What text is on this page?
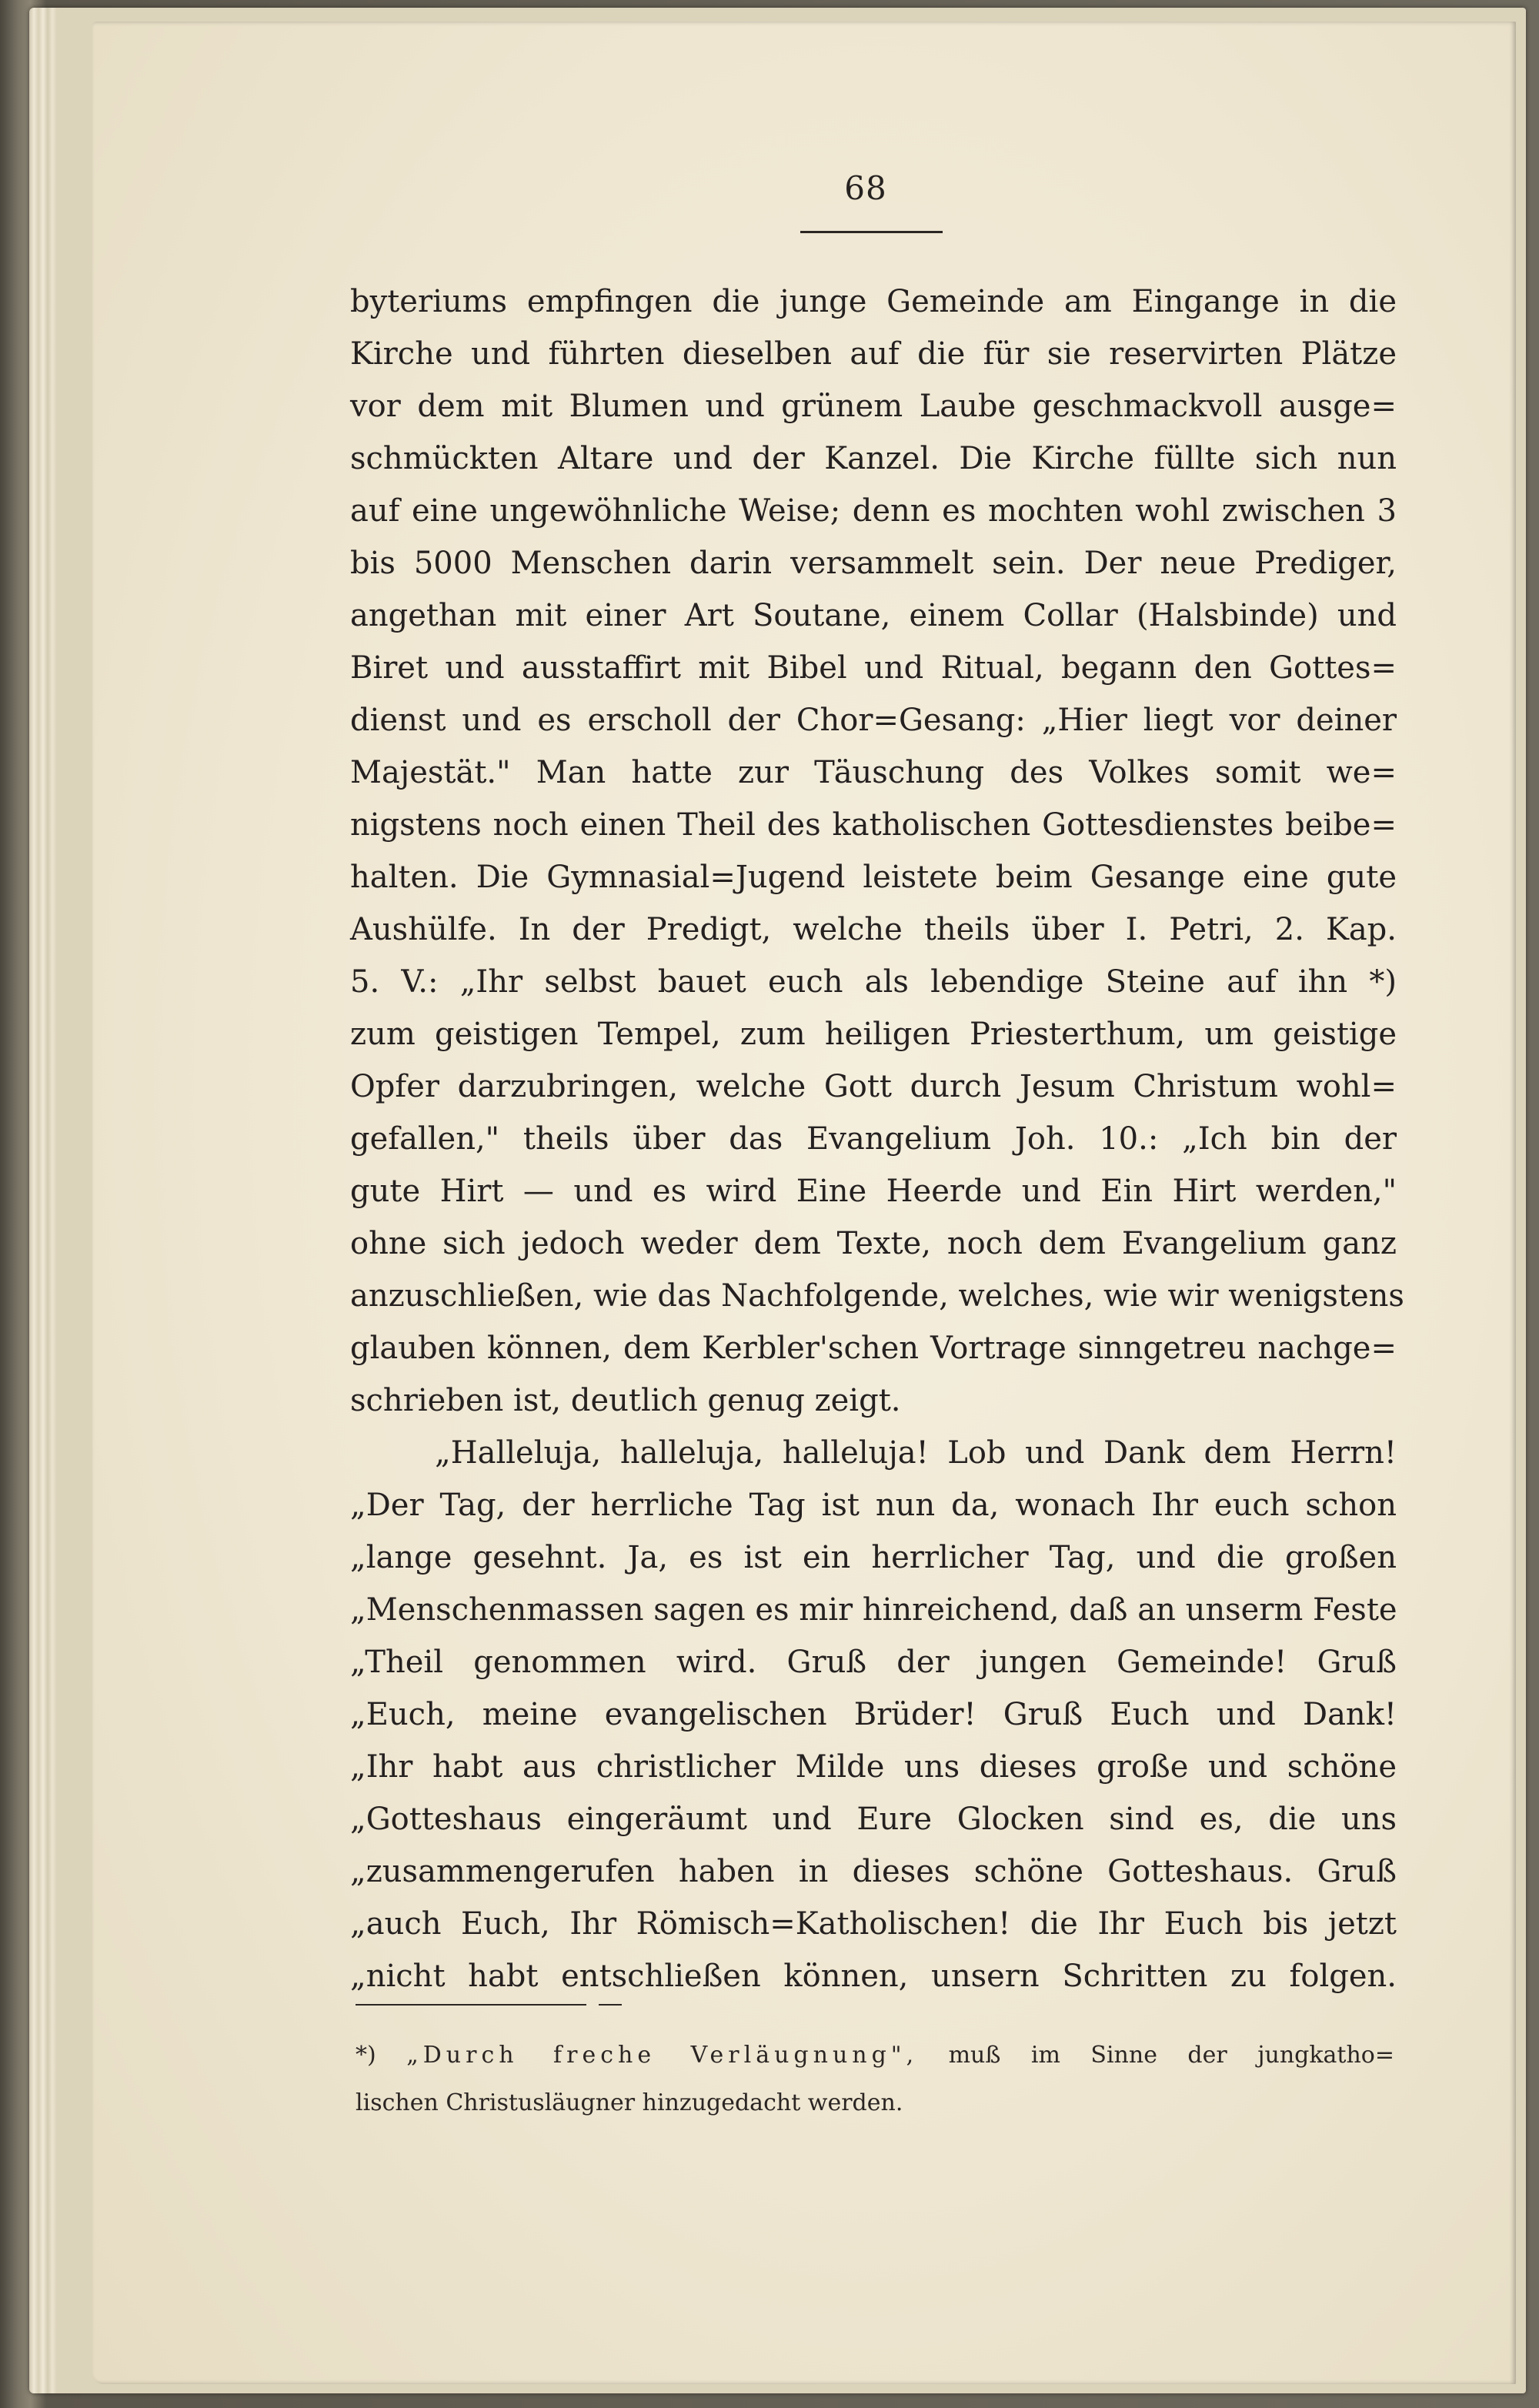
68
byteriums empfingen die junge Gemeinde am Eingange in die
Kirche und führten dieselben auf die für sie reservirten Plätze
vor dem mit Blumen und grünem Laube geschmackvoll ausge=
schmückten Altare und der Kanzel. Die Kirche füllte sich nun
auf eine ungewöhnliche Weise; denn es mochten wohl zwischen 3
bis 5000 Menschen darin versammelt sein. Der neue Prediger,
angethan mit einer Art Soutane, einem Collar (Halsbinde) und
Biret und ausstaffirt mit Bibel und Ritual, begann den Gottes=
dienst und es erscholl der Chor=Gesang: „Hier liegt vor deiner
Majestät." Man hatte zur Täuschung des Volkes somit we=
nigstens noch einen Theil des katholischen Gottesdienstes beibe=
halten. Die Gymnasial=Jugend leistete beim Gesange eine gute
Aushülfe. In der Predigt, welche theils über I. Petri, 2. Kap.
5. V.: „Ihr selbst bauet euch als lebendige Steine auf ihn *)
zum geistigen Tempel, zum heiligen Priesterthum, um geistige
Opfer darzubringen, welche Gott durch Jesum Christum wohl=
gefallen," theils über das Evangelium Joh. 10.: „Ich bin der
gute Hirt — und es wird Eine Heerde und Ein Hirt werden,"
ohne sich jedoch weder dem Texte, noch dem Evangelium ganz
anzuschließen, wie das Nachfolgende, welches, wie wir wenigstens
glauben können, dem Kerbler'schen Vortrage sinngetreu nachge=
schrieben ist, deutlich genug zeigt.
„Halleluja, halleluja, halleluja! Lob und Dank dem Herrn!
„Der Tag, der herrliche Tag ist nun da, wonach Ihr euch schon
„lange gesehnt. Ja, es ist ein herrlicher Tag, und die großen
„Menschenmassen sagen es mir hinreichend, daß an unserm Feste
„Theil genommen wird. Gruß der jungen Gemeinde! Gruß
„Euch, meine evangelischen Brüder! Gruß Euch und Dank!
„Ihr habt aus christlicher Milde uns dieses große und schöne
„Gotteshaus eingeräumt und Eure Glocken sind es, die uns
„zusammengerufen haben in dieses schöne Gotteshaus. Gruß
„auch Euch, Ihr Römisch=Katholischen! die Ihr Euch bis jetzt
„nicht habt entschließen können, unsern Schritten zu folgen.
*) „Durch freche Verläugnung", muß im Sinne der jungkatho=
lischen Christusläugner hinzugedacht werden.
